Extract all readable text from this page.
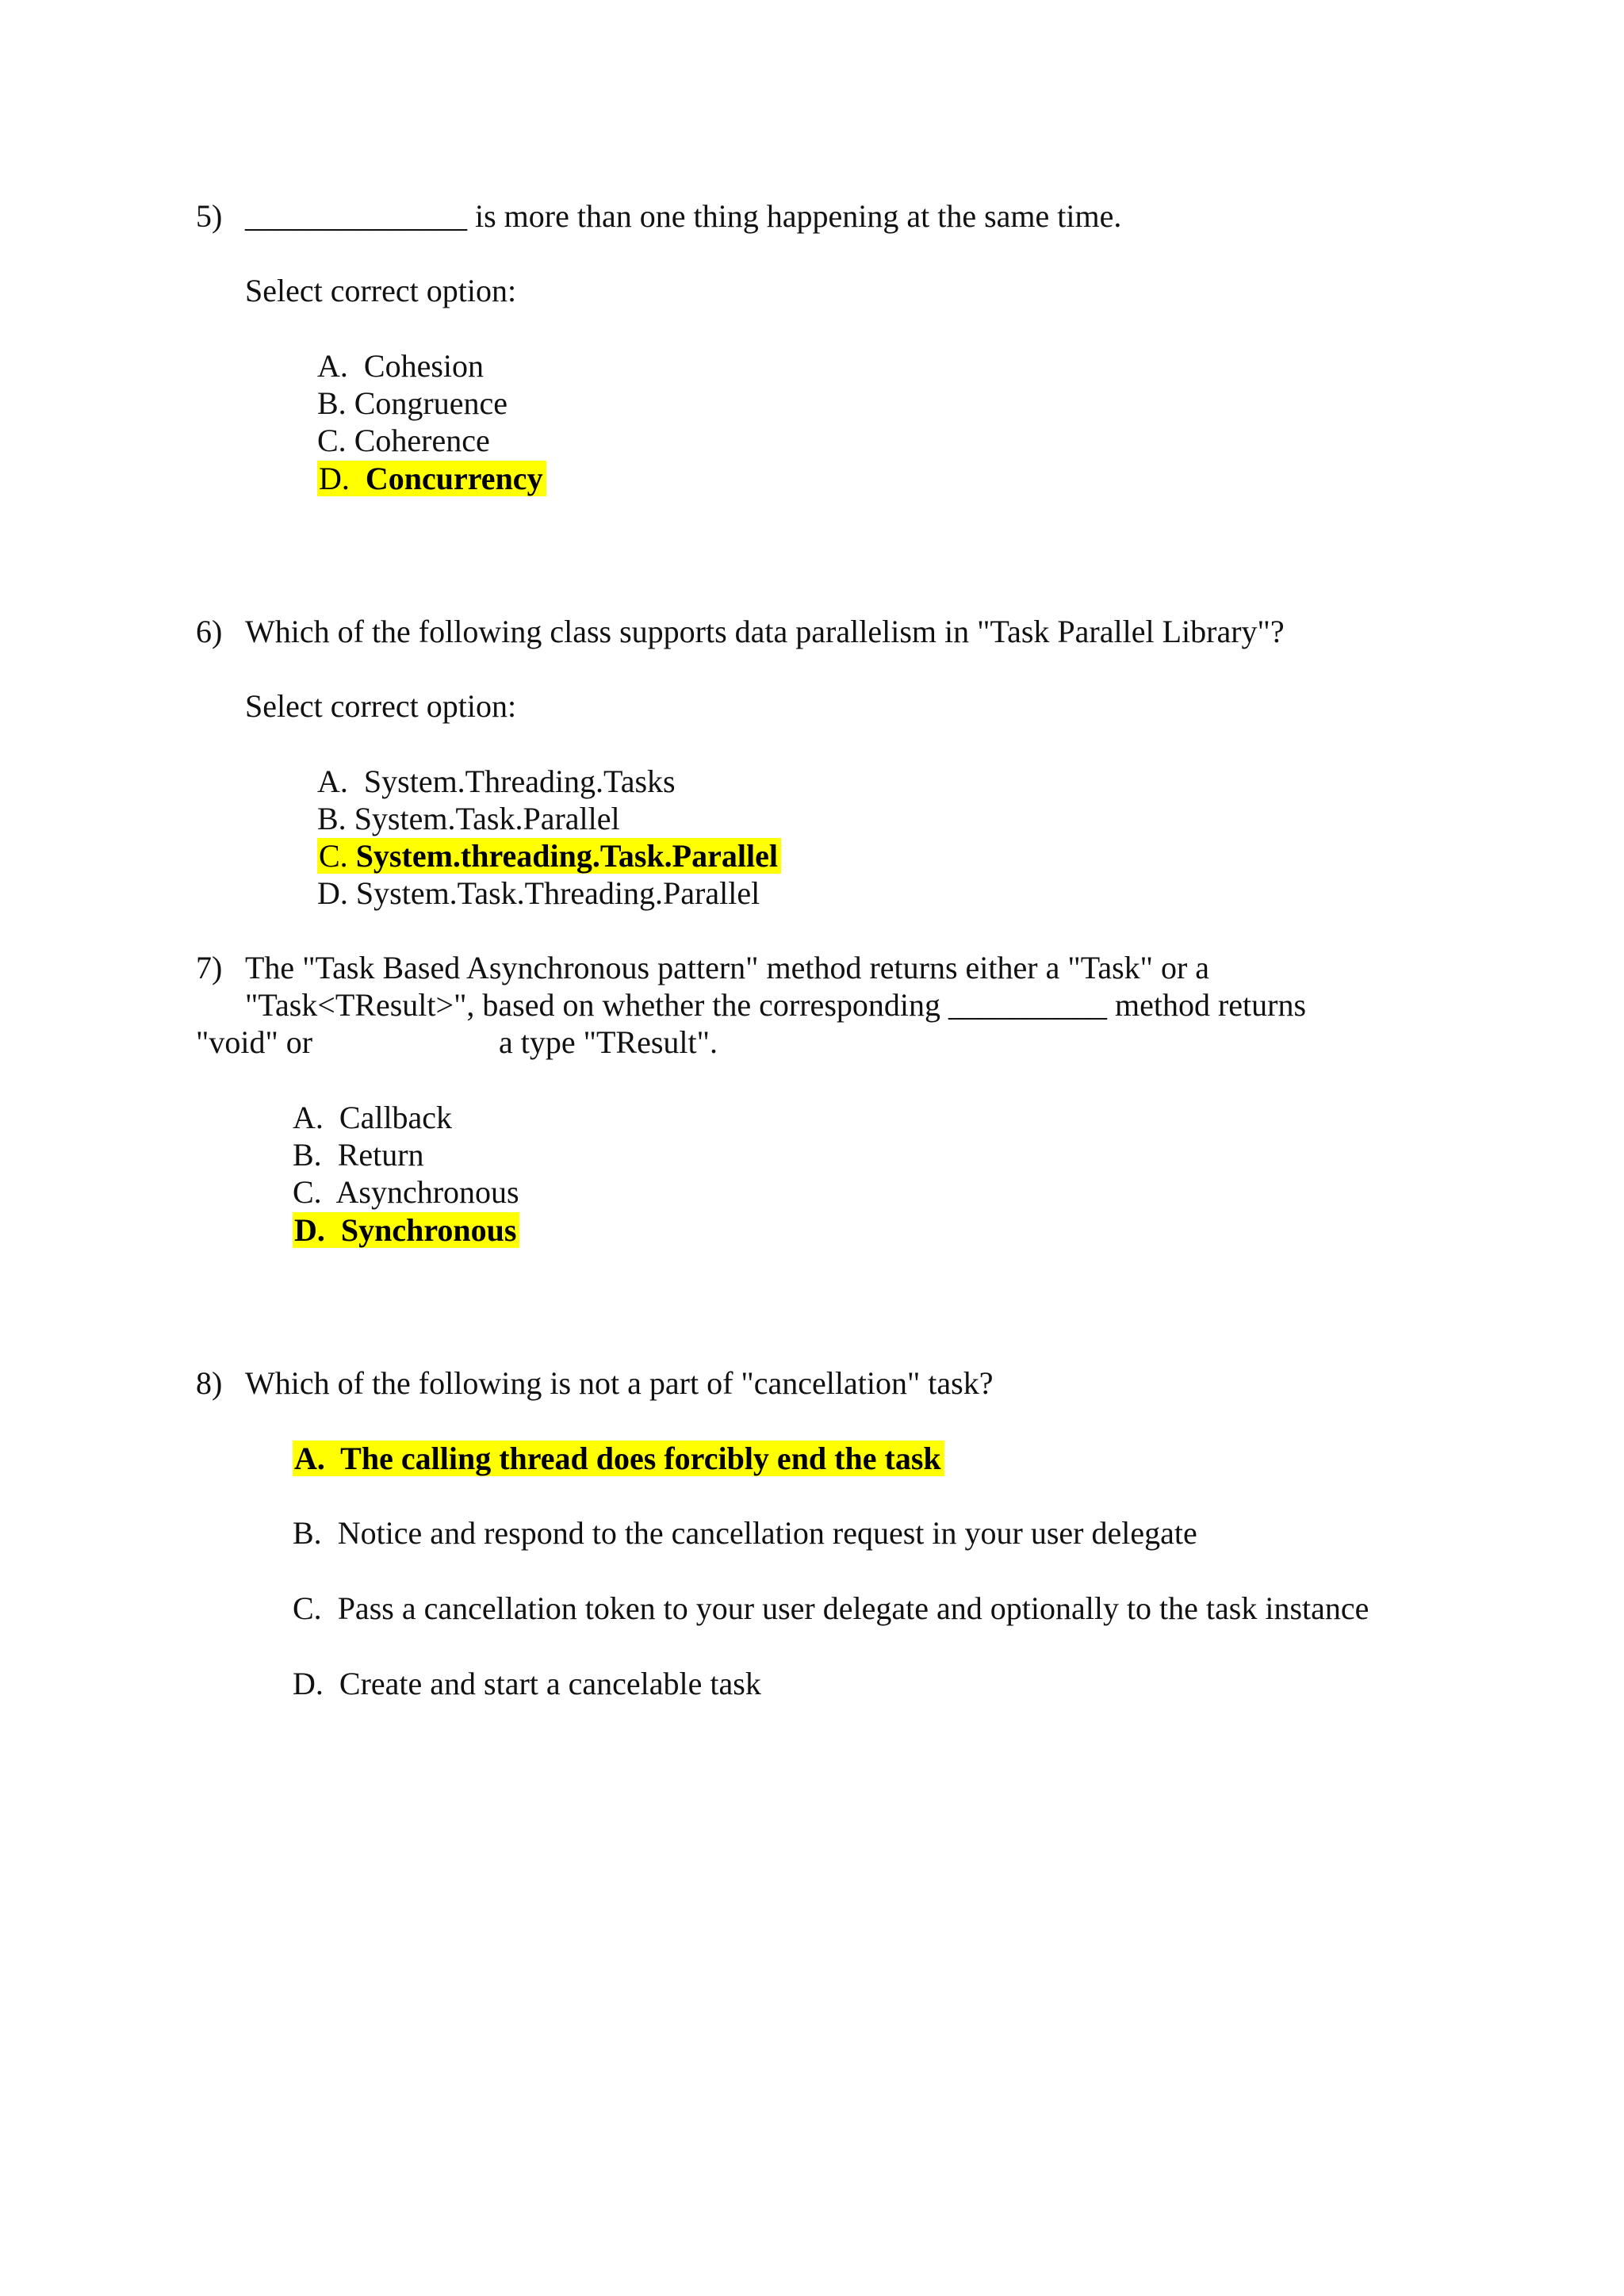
5) ______________ is more than one thing happening at the same time.
Select correct option:
A. Cohesion
B. Congruence
C. Coherence
D. Concurrency
6) Which of the following class supports data parallelism in "Task Parallel Library"?
Select correct option:
A. System.Threading.Tasks
B. System.Task.Parallel
C. System.threading.Task.Parallel
D. System.Task.Threading.Parallel
7) The "Task Based Asynchronous pattern" method returns either a "Task" or a
"Task<TResult>", based on whether the corresponding __________ method returns
"void" or	a type "TResult".
A. Callback
B. Return
C. Asynchronous
D. Synchronous
8) Which of the following is not a part of "cancellation" task?
A. The calling thread does forcibly end the task
B. Notice and respond to the cancellation request in your user delegate
C. Pass a cancellation token to your user delegate and optionally to the task instance
D. Create and start a cancelable task
